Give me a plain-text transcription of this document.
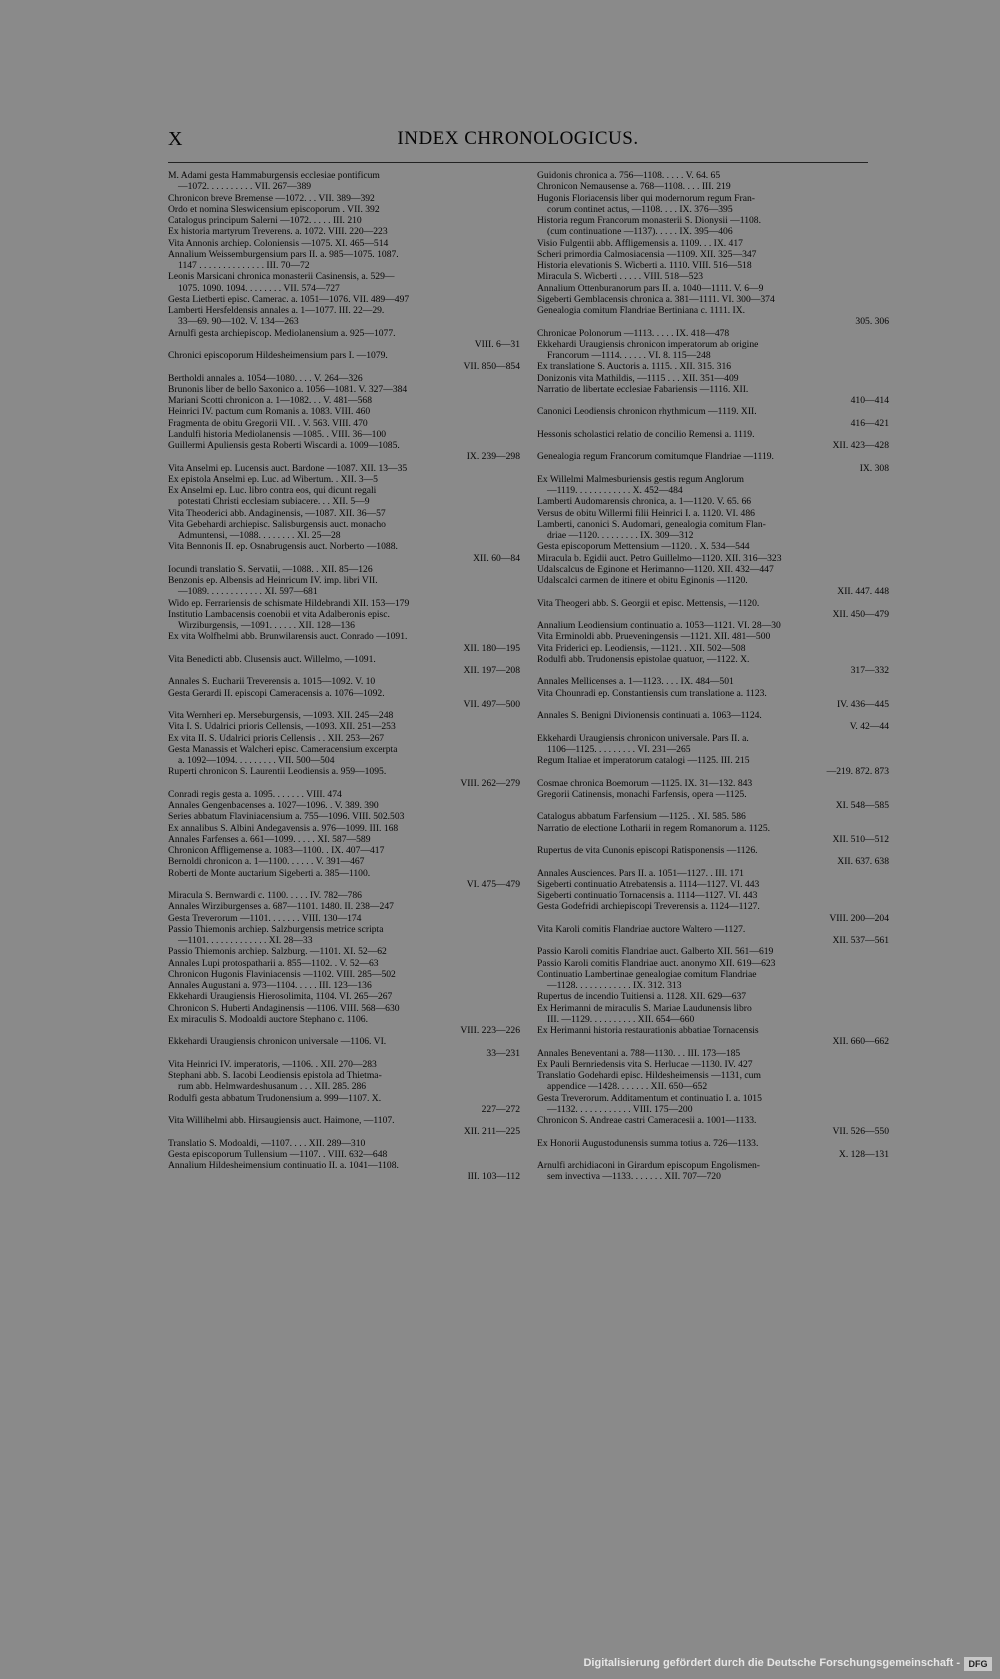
X	INDEX CHRONOLOGICUS.
M. Adami gesta Hammaburgensis ecclesiae pontificum
—1072. . . . . . . . . . VII. 267—389
Chronicon breve Bremense —1072. . . VII. 389—392
Ordo et nomina Sleswicensium episcoporum . VII. 392
Catalogus principum Salerni —1072. . . . . III. 210
Ex historia martyrum Treverens. a. 1072. VIII. 220—223
Vita Annonis archiep. Coloniensis —1075. XI. 465—514
Annalium Weissemburgensium pars II. a. 985—1075. 1087.
1147 . . . . . . . . . . . . . . III. 70—72
Leonis Marsicani chronica monasterii Casinensis, a. 529—
1075. 1090. 1094. . . . . . . . VII. 574—727
Gesta Lietberti episc. Camerac. a. 1051—1076. VII. 489—497
Lamberti Hersfeldensis annales a. 1—1077. III. 22—29.
33—69. 90—102. V. 134—263
Arnulfi gesta archiepiscop. Mediolanensium a. 925—1077.
VIII. 6—31
Chronici episcoporum Hildesheimensium pars I. —1079.
VII. 850—854
Bertholdi annales a. 1054—1080. . . . V. 264—326
Brunonis liber de bello Saxonico a. 1056—1081. V. 327—384
Mariani Scotti chronicon a. 1—1082. . . V. 481—568
Heinrici IV. pactum cum Romanis a. 1083. VIII. 460
Fragmenta de obitu Gregorii VII. . V. 563. VIII. 470
Landulfi historia Mediolanensis —1085. . VIII. 36—100
Guillermi Apuliensis gesta Roberti Wiscardi a. 1009—1085.
IX. 239—298
Vita Anselmi ep. Lucensis auct. Bardone —1087. XII. 13—35
Ex epistola Anselmi ep. Luc. ad Wibertum. . XII. 3—5
Ex Anselmi ep. Luc. libro contra eos, qui dicunt regali
potestati Christi ecclesiam subiacere. . . XII. 5—9
Vita Theoderici abb. Andaginensis, —1087. XII. 36—57
Vita Gebehardi archiepisc. Salisburgensis auct. monacho
Admuntensi, —1088. . . . . . . . XI. 25—28
Vita Bennonis II. ep. Osnabrugensis auct. Norberto —1088.
XII. 60—84
Iocundi translatio S. Servatii, —1088. . XII. 85—126
Benzonis ep. Albensis ad Heinricum IV. imp. libri VII.
—1089. . . . . . . . . . . . XI. 597—681
Wido ep. Ferrariensis de schismate Hildebrandi XII. 153—179
Institutio Lambacensis coenobii et vita Adalberonis episc.
Wirziburgensis, —1091. . . . . . XII. 128—136
Ex vita Wolfhelmi abb. Brunwilarensis auct. Conrado —1091.
XII. 180—195
Vita Benedicti abb. Clusensis auct. Willelmo, —1091.
XII. 197—208
Annales S. Eucharii Treverensis a. 1015—1092. V. 10
Gesta Gerardi II. episcopi Cameracensis a. 1076—1092.
VII. 497—500
Vita Wernheri ep. Merseburgensis, —1093. XII. 245—248
Vita I. S. Udalrici prioris Cellensis, —1093. XII. 251—253
Ex vita II. S. Udalrici prioris Cellensis . . XII. 253—267
Gesta Manassis et Walcheri episc. Cameracensium excerpta
a. 1092—1094. . . . . . . . . VII. 500—504
Ruperti chronicon S. Laurentii Leodiensis a. 959—1095.
VIII. 262—279
Conradi regis gesta a. 1095. . . . . . . VIII. 474
Annales Gengenbacenses a. 1027—1096. . V. 389. 390
Series abbatum Flaviniacensium a. 755—1096. VIII. 502.503
Ex annalibus S. Albini Andegavensis a. 976—1099. III. 168
Annales Farfenses a. 661—1099. . . . . XI. 587—589
Chronicon Affligemense a. 1083—1100. . IX. 407—417
Bernoldi chronicon a. 1—1100. . . . . . V. 391—467
Roberti de Monte auctarium Sigeberti a. 385—1100.
VI. 475—479
Miracula S. Bernwardi c. 1100. . . . . IV. 782—786
Annales Wirziburgenses a. 687—1101. 1480. II. 238—247
Gesta Treverorum —1101. . . . . . . VIII. 130—174
Passio Thiemonis archiep. Salzburgensis metrice scripta
—1101. . . . . . . . . . . . . XI. 28—33
Passio Thiemonis archiep. Salzburg. —1101. XI. 52—62
Annales Lupi protospatharii a. 855—1102. . V. 52—63
Chronicon Hugonis Flaviniacensis —1102. VIII. 285—502
Annales Augustani a. 973—1104. . . . . III. 123—136
Ekkehardi Uraugiensis Hierosolimita, 1104. VI. 265—267
Chronicon S. Huberti Andaginensis —1106. VIII. 568—630
Ex miraculis S. Modoaldi auctore Stephano c. 1106.
VIII. 223—226
Ekkehardi Uraugiensis chronicon universale —1106. VI.
33—231
Vita Heinrici IV. imperatoris, —1106. . XII. 270—283
Stephani abb. S. Iacobi Leodiensis epistola ad Thietma-
rum abb. Helmwardeshusanum . . . XII. 285. 286
Rodulfi gesta abbatum Trudonensium a. 999—1107. X.
227—272
Vita Willihelmi abb. Hirsaugiensis auct. Haimone, —1107.
XII. 211—225
Translatio S. Modoaldi, —1107. . . . XII. 289—310
Gesta episcoporum Tullensium —1107. . VIII. 632—648
Annalium Hildesheimensium continuatio II. a. 1041—1108.
III. 103—112
Guidonis chronica a. 756—1108. . . . . V. 64. 65
Chronicon Nemausense a. 768—1108. . . . III. 219
Hugonis Floriacensis liber qui modernorum regum Fran-
corum continet actus, —1108. . . . IX. 376—395
Historia regum Francorum monasterii S. Dionysii —1108.
(cum continuatione —1137). . . . . IX. 395—406
Visio Fulgentii abb. Affligemensis a. 1109. . . IX. 417
Scheri primordia Calmosiacensia —1109. XII. 325—347
Historia elevationis S. Wicberti a. 1110. VIII. 516—518
Miracula S. Wicberti . . . . . VIII. 518—523
Annalium Ottenburanorum pars II. a. 1040—1111. V. 6—9
Sigeberti Gemblacensis chronica a. 381—1111. VI. 300—374
Genealogia comitum Flandriae Bertiniana c. 1111. IX.
305. 306
Chronicae Polonorum —1113. . . . . IX. 418—478
Ekkehardi Uraugiensis chronicon imperatorum ab origine
Francorum —1114. . . . . . VI. 8. 115—248
Ex translatione S. Auctoris a. 1115. . XII. 315. 316
Donizonis vita Mathildis, —1115 . . . XII. 351—409
Narratio de libertate ecclesiae Fabariensis —1116. XII.
410—414
Canonici Leodiensis chronicon rhythmicum —1119. XII.
416—421
Hessonis scholastici relatio de concilio Remensi a. 1119.
XII. 423—428
Genealogia regum Francorum comitumque Flandriae —1119.
IX. 308
Ex Willelmi Malmesburiensis gestis regum Anglorum
—1119. . . . . . . . . . . . X. 452—484
Lamberti Audomarensis chronica, a. 1—1120. V. 65. 66
Versus de obitu Willermi filii Heinrici I. a. 1120. VI. 486
Lamberti, canonici S. Audomari, genealogia comitum Flan-
driae —1120. . . . . . . . . IX. 309—312
Gesta episcoporum Mettensium —1120. . X. 534—544
Miracula b. Egidii auct. Petro Guillelmo—1120. XII. 316—323
Udalscalcus de Eginone et Herimanno—1120. XII. 432—447
Udalscalci carmen de itinere et obitu Eginonis —1120.
XII. 447. 448
Vita Theogeri abb. S. Georgii et episc. Mettensis, —1120.
XII. 450—479
Annalium Leodiensium continuatio a. 1053—1121. VI. 28—30
Vita Erminoldi abb. Prueveningensis —1121. XII. 481—500
Vita Friderici ep. Leodiensis, —1121. . XII. 502—508
Rodulfi abb. Trudonensis epistolae quatuor, —1122. X.
317—332
Annales Mellicenses a. 1—1123. . . . IX. 484—501
Vita Chounradi ep. Constantiensis cum translatione a. 1123.
IV. 436—445
Annales S. Benigni Divionensis continuati a. 1063—1124.
V. 42—44
Ekkehardi Uraugiensis chronicon universale. Pars II. a.
1106—1125. . . . . . . . . VI. 231—265
Regum Italiae et imperatorum catalogi —1125. III. 215
—219. 872. 873
Cosmae chronica Boemorum —1125. IX. 31—132. 843
Gregorii Catinensis, monachi Farfensis, opera —1125.
XI. 548—585
Catalogus abbatum Farfensium —1125. . XI. 585. 586
Narratio de electione Lotharii in regem Romanorum a. 1125.
XII. 510—512
Rupertus de vita Cunonis episcopi Ratisponensis —1126.
XII. 637. 638
Annales Ausciences. Pars II. a. 1051—1127. . III. 171
Sigeberti continuatio Atrebatensis a. 1114—1127. VI. 443
Sigeberti continuatio Tornacensis a. 1114—1127. VI. 443
Gesta Godefridi archiepiscopi Treverensis a. 1124—1127.
VIII. 200—204
Vita Karoli comitis Flandriae auctore Waltero —1127.
XII. 537—561
Passio Karoli comitis Flandriae auct. Galberto XII. 561—619
Passio Karoli comitis Flandriae auct. anonymo XII. 619—623
Continuatio Lambertinae genealogiae comitum Flandriae
—1128. . . . . . . . . . . . IX. 312. 313
Rupertus de incendio Tuitiensi a. 1128. XII. 629—637
Ex Herimanni de miraculis S. Mariae Laudunensis libro
III. —1129. . . . . . . . . . XII. 654—660
Ex Herimanni historia restaurationis abbatiae Tornacensis
XII. 660—662
Annales Beneventani a. 788—1130. . . III. 173—185
Ex Pauli Bernriedensis vita S. Herlucae —1130. IV. 427
Translatio Godehardi episc. Hildesheimensis —1131, cum
appendice —1428. . . . . . . XII. 650—652
Gesta Treverorum. Additamentum et continuatio I. a. 1015
—1132. . . . . . . . . . . . VIII. 175—200
Chronicon S. Andreae castri Cameracesii a. 1001—1133.
VII. 526—550
Ex Honorii Augustodunensis summa totius a. 726—1133.
X. 128—131
Arnulfi archidiaconi in Girardum episcopum Engolismen-
sem invectiva —1133. . . . . . . XII. 707—720
Digitalisierung gefördert durch die Deutsche Forschungsgemeinschaft - DFG
